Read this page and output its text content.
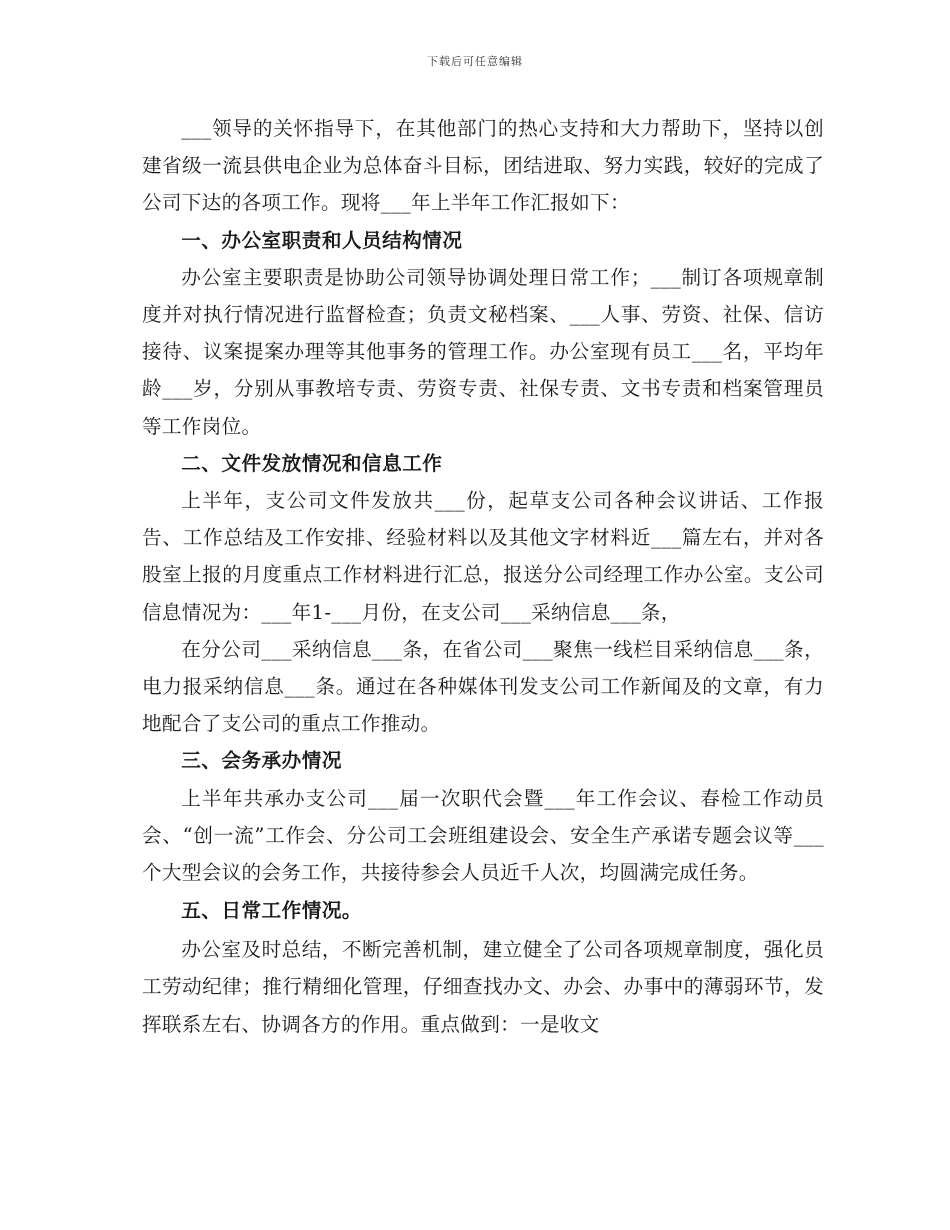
下载后可任意编辑

___领导的关怀指导下，在其他部门的热心支持和大力帮助下，坚持以创建省级一流县供电企业为总体奋斗目标，团结进取、努力实践，较好的完成了公司下达的各项工作。现将___年上半年工作汇报如下：

一、办公室职责和人员结构情况

办公室主要职责是协助公司领导协调处理日常工作；___制订各项规章制度并对执行情况进行监督检查；负责文秘档案、___人事、劳资、社保、信访接待、议案提案办理等其他事务的管理工作。办公室现有员工___名，平均年龄___岁，分别从事教培专责、劳资专责、社保专责、文书专责和档案管理员等工作岗位。

二、文件发放情况和信息工作

上半年，支公司文件发放共___份，起草支公司各种会议讲话、工作报告、工作总结及工作安排、经验材料以及其他文字材料近___篇左右，并对各股室上报的月度重点工作材料进行汇总，报送分公司经理工作办公室。支公司信息情况为：___年1-___月份，在支公司___采纳信息___条，

在分公司___采纳信息___条，在省公司___聚焦一线栏目采纳信息___条，电力报采纳信息___条。通过在各种媒体刊发支公司工作新闻及的文章，有力地配合了支公司的重点工作推动。

三、会务承办情况

上半年共承办支公司___届一次职代会暨___年工作会议、春检工作动员会、“创一流”工作会、分公司工会班组建设会、安全生产承诺专题会议等___个大型会议的会务工作，共接待参会人员近千人次，均圆满完成任务。

五、日常工作情况。

办公室及时总结，不断完善机制，建立健全了公司各项规章制度，强化员工劳动纪律；推行精细化管理，仔细查找办文、办会、办事中的薄弱环节，发挥联系左右、协调各方的作用。重点做到：一是收文
